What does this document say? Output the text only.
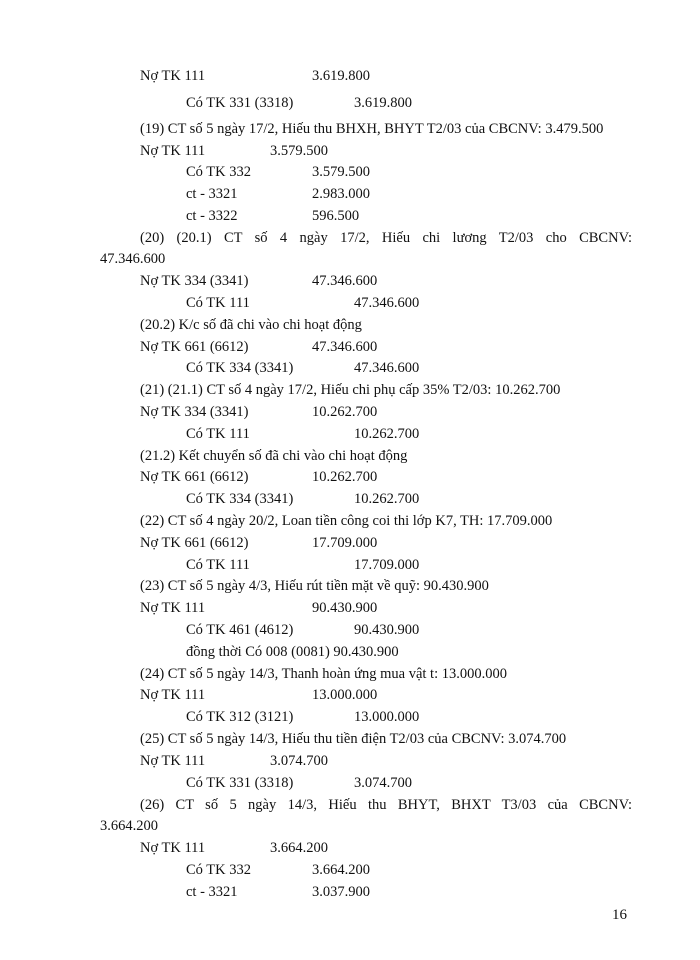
Nợ TK 111	3.619.800
Có TK 331 (3318)	3.619.800
(19) CT số 5 ngày 17/2, Hiếu thu BHXH, BHYT T2/03 của CBCNV: 3.479.500
Nợ TK 111	3.579.500
Có TK 332	3.579.500
ct - 3321	2.983.000
ct - 3322	596.500
(20) (20.1) CT số 4 ngày 17/2, Hiếu chi lương T2/03 cho CBCNV:
47.346.600
Nợ TK 334 (3341)	47.346.600
Có TK 111	47.346.600
(20.2) K/c số đã chi vào chi hoạt động
Nợ TK 661 (6612)	47.346.600
Có TK 334 (3341)	47.346.600
(21) (21.1) CT số 4 ngày 17/2, Hiếu chi phụ cấp 35% T2/03: 10.262.700
Nợ TK 334 (3341)	10.262.700
Có TK 111	10.262.700
(21.2) Kết chuyển số đã chi vào chi hoạt động
Nợ TK 661 (6612)	10.262.700
Có TK 334 (3341)	10.262.700
(22) CT số 4 ngày 20/2, Loan tiền công coi thi lớp K7, TH: 17.709.000
Nợ TK 661 (6612)	17.709.000
Có TK 111	17.709.000
(23) CT số 5 ngày 4/3, Hiếu rút tiền mặt về quỹ: 90.430.900
Nợ TK 111	90.430.900
Có TK 461 (4612)	90.430.900
đồng thời Có 008 (0081) 90.430.900
(24) CT số 5 ngày 14/3, Thanh hoàn ứng mua vật t: 13.000.000
Nợ TK 111	13.000.000
Có TK 312 (3121)	13.000.000
(25) CT số 5 ngày 14/3, Hiếu thu tiền điện T2/03 của CBCNV: 3.074.700
Nợ TK 111	3.074.700
Có TK 331 (3318)	3.074.700
(26) CT số 5 ngày 14/3, Hiếu thu BHYT, BHXT T3/03 của CBCNV:
3.664.200
Nợ TK 111	3.664.200
Có TK 332	3.664.200
ct - 3321	3.037.900
16
